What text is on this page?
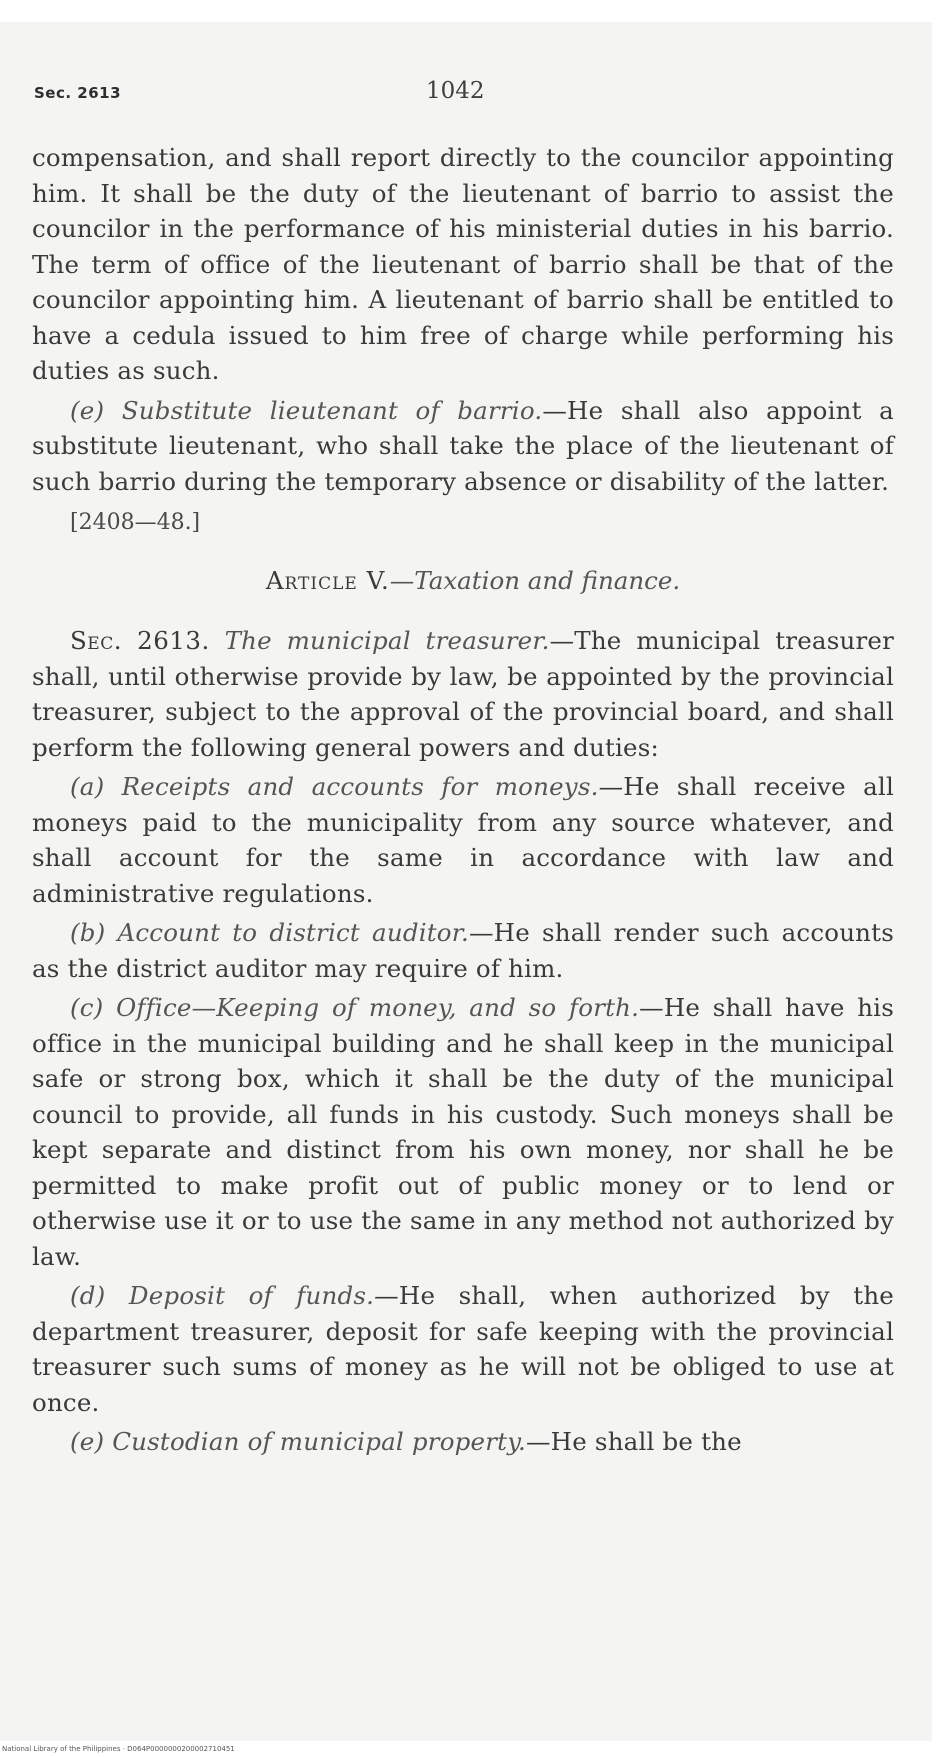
Sec. 2613	1042

compensation, and shall report directly to the councilor appointing him. It shall be the duty of the lieutenant of barrio to assist the councilor in the performance of his ministerial duties in his barrio. The term of office of the lieutenant of barrio shall be that of the councilor appointing him. A lieutenant of barrio shall be entitled to have a cedula issued to him free of charge while performing his duties as such.

(e) Substitute lieutenant of barrio.—He shall also appoint a substitute lieutenant, who shall take the place of the lieutenant of such barrio during the temporary absence or disability of the latter.

[2408—48.]
Article V.—Taxation and finance.

Sec. 2613. The municipal treasurer.—The municipal treasurer shall, until otherwise provide by law, be appointed by the provincial treasurer, subject to the approval of the provincial board, and shall perform the following general powers and duties:

(a) Receipts and accounts for moneys.—He shall receive all moneys paid to the municipality from any source whatever, and shall account for the same in accordance with law and administrative regulations.

(b) Account to district auditor.—He shall render such accounts as the district auditor may require of him.

(c) Office—Keeping of money, and so forth.—He shall have his office in the municipal building and he shall keep in the municipal safe or strong box, which it shall be the duty of the municipal council to provide, all funds in his custody. Such moneys shall be kept separate and distinct from his own money, nor shall he be permitted to make profit out of public money or to lend or otherwise use it or to use the same in any method not authorized by law.

(d) Deposit of funds.—He shall, when authorized by the department treasurer, deposit for safe keeping with the provincial treasurer such sums of money as he will not be obliged to use at once.

(e) Custodian of municipal property.—He shall be the

National Library of the Philippines · D064P0000000200002710451
